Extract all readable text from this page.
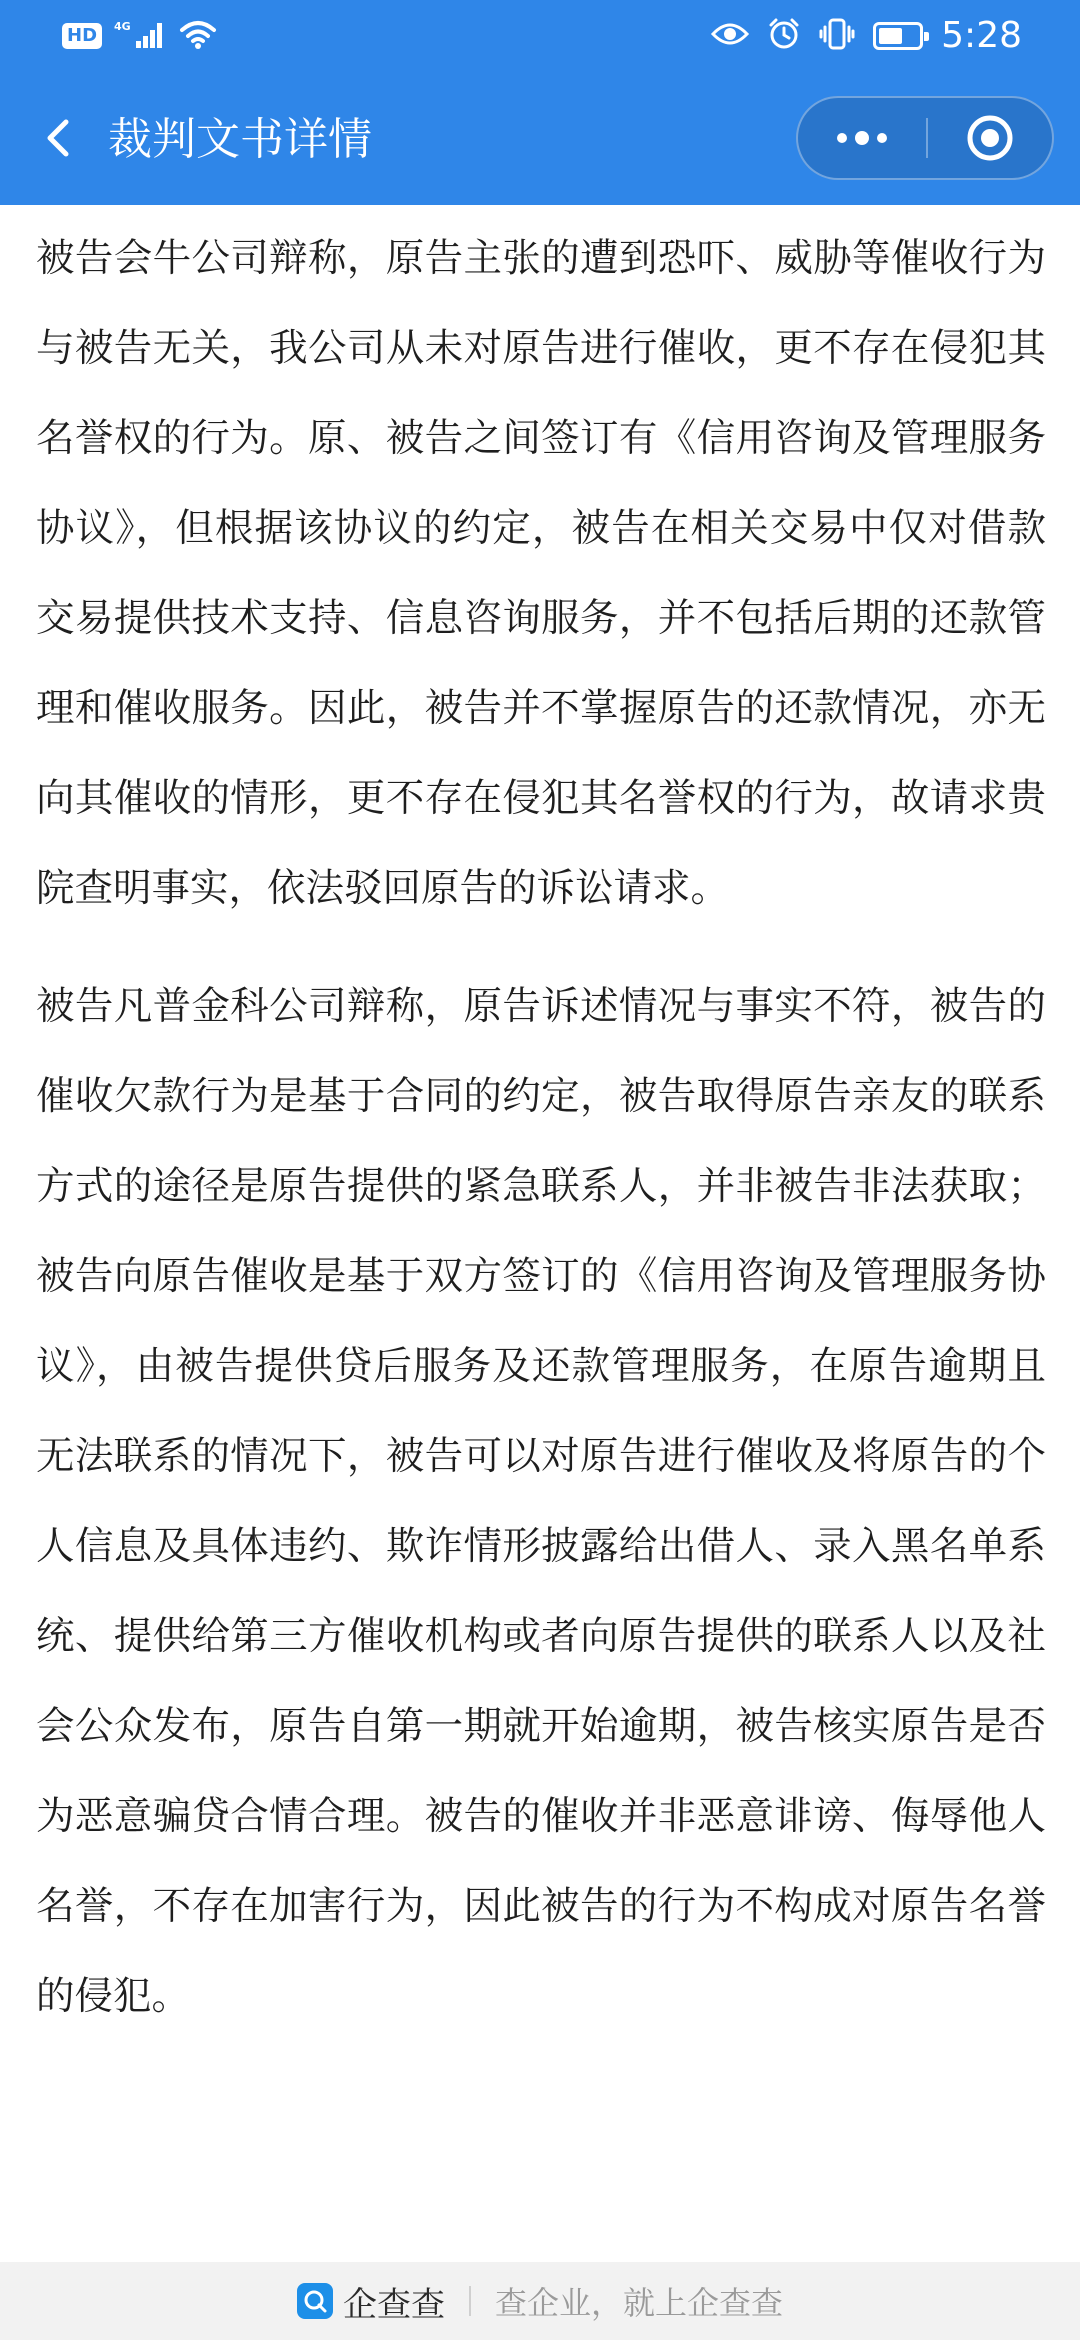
HD	4G	5:28
裁判文书详情

被告会牛公司辩称，原告主张的遭到恐吓、威胁等催收行为与被告无关，我公司从未对原告进行催收，更不存在侵犯其名誉权的行为。原、被告之间签订有《信用咨询及管理服务协议》，但根据该协议的约定，被告在相关交易中仅对借款交易提供技术支持、信息咨询服务，并不包括后期的还款管理和催收服务。因此，被告并不掌握原告的还款情况，亦无向其催收的情形，更不存在侵犯其名誉权的行为，故请求贵院查明事实，依法驳回原告的诉讼请求。

被告凡普金科公司辩称，原告诉述情况与事实不符，被告的催收欠款行为是基于合同的约定，被告取得原告亲友的联系方式的途径是原告提供的紧急联系人，并非被告非法获取；被告向原告催收是基于双方签订的《信用咨询及管理服务协议》，由被告提供贷后服务及还款管理服务，在原告逾期且无法联系的情况下，被告可以对原告进行催收及将原告的个人信息及具体违约、欺诈情形披露给出借人、录入黑名单系统、提供给第三方催收机构或者向原告提供的联系人以及社会公众发布，原告自第一期就开始逾期，被告核实原告是否为恶意骗贷合情合理。被告的催收并非恶意诽谤、侮辱他人名誉，不存在加害行为，因此被告的行为不构成对原告名誉的侵犯。

企查查 查企业，就上企查查
